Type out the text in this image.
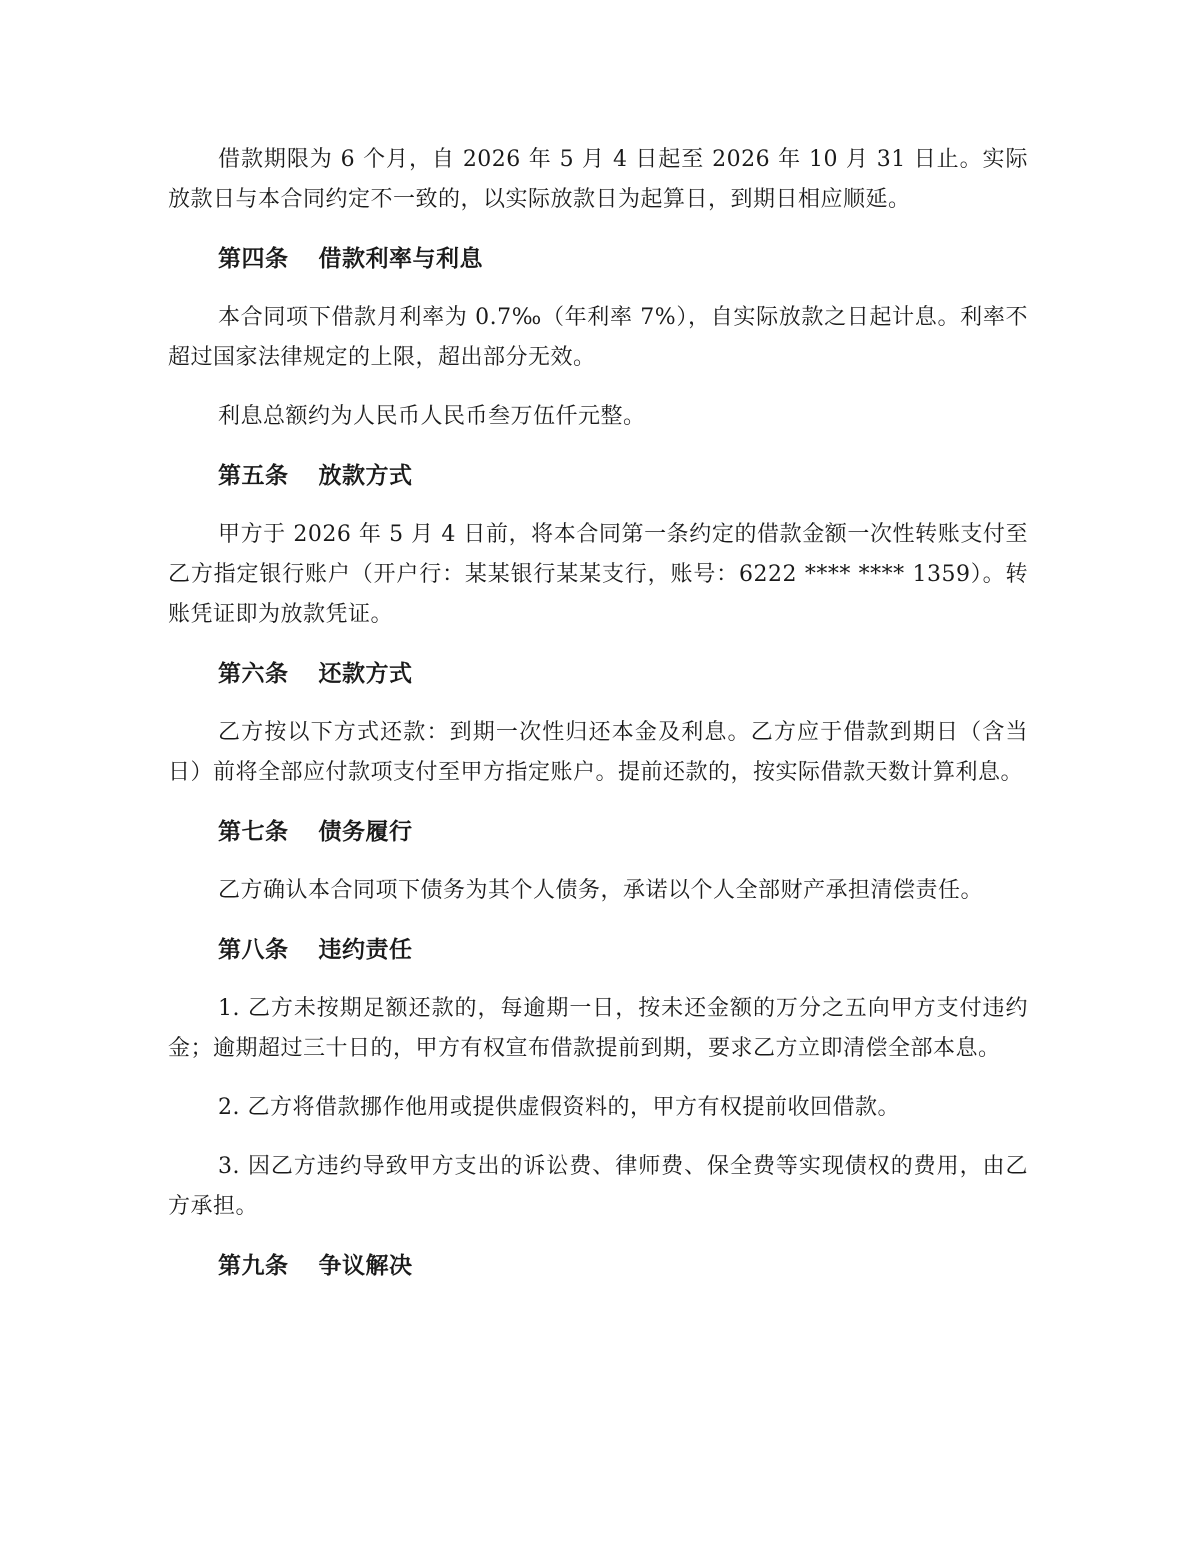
借款期限为 6 个月，自 2026 年 5 月 4 日起至 2026 年 10 月 31 日止。实际放款日与本合同约定不一致的，以实际放款日为起算日，到期日相应顺延。

第四条 借款利率与利息

本合同项下借款月利率为 0.7‰（年利率 7%），自实际放款之日起计息。利率不超过国家法律规定的上限，超出部分无效。

利息总额约为人民币人民币叁万伍仟元整。

第五条 放款方式

甲方于 2026 年 5 月 4 日前，将本合同第一条约定的借款金额一次性转账支付至乙方指定银行账户（开户行：某某银行某某支行，账号：6222 **** **** 1359）。转账凭证即为放款凭证。

第六条 还款方式

乙方按以下方式还款：到期一次性归还本金及利息。乙方应于借款到期日（含当日）前将全部应付款项支付至甲方指定账户。提前还款的，按实际借款天数计算利息。

第七条 债务履行

乙方确认本合同项下债务为其个人债务，承诺以个人全部财产承担清偿责任。

第八条 违约责任

1. 乙方未按期足额还款的，每逾期一日，按未还金额的万分之五向甲方支付违约金；逾期超过三十日的，甲方有权宣布借款提前到期，要求乙方立即清偿全部本息。

2. 乙方将借款挪作他用或提供虚假资料的，甲方有权提前收回借款。

3. 因乙方违约导致甲方支出的诉讼费、律师费、保全费等实现债权的费用，由乙方承担。

第九条 争议解决
